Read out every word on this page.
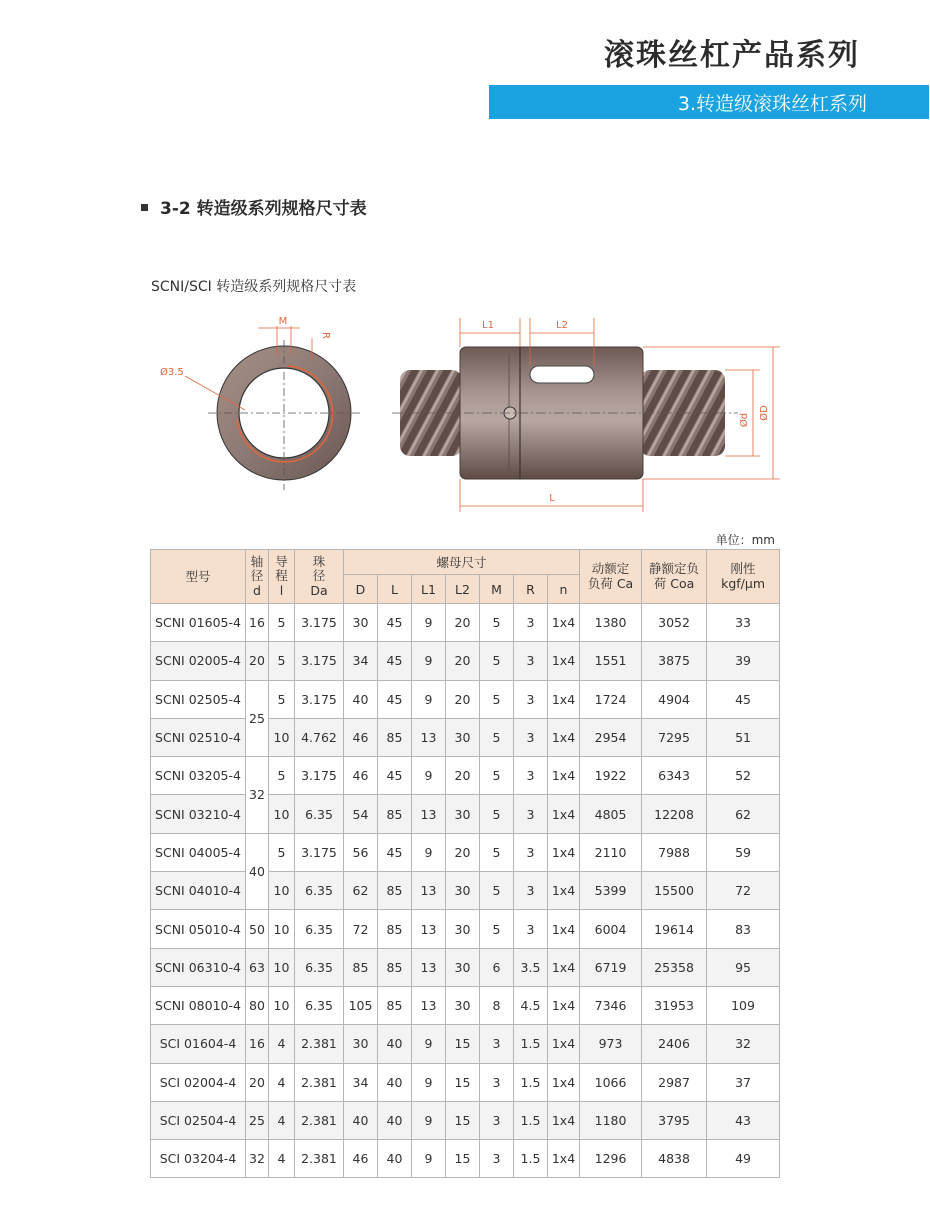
滚珠丝杠产品系列
3.转造级滚珠丝杠系列
3-2 转造级系列规格尺寸表
SCNI/SCI 转造级系列规格尺寸表
M
R
Ø3.5
L1	L2
L
Ød ØD
单位：mm
型号	轴
径
d	导
程
l	珠
径
Da	螺母尺寸							动额定
负荷 Ca	静额定负
荷 Coa	刚性
kgf/μm

				D	L	L1	L2	M	R	n			
SCNI 01605-4	16	5	3.175	30	45	9	20	5	3	1x4	1380	3052	33
SCNI 02005-4	20	5	3.175	34	45	9	20	5	3	1x4	1551	3875	39
SCNI 02505-4	25	5	3.175	40	45	9	20	5	3	1x4	1724	4904	45
SCNI 02510-4		10	4.762	46	85	13	30	5	3	1x4	2954	7295	51
SCNI 03205-4	32	5	3.175	46	45	9	20	5	3	1x4	1922	6343	52
SCNI 03210-4		10	6.35	54	85	13	30	5	3	1x4	4805	12208	62
SCNI 04005-4	40	5	3.175	56	45	9	20	5	3	1x4	2110	7988	59
SCNI 04010-4		10	6.35	62	85	13	30	5	3	1x4	5399	15500	72
SCNI 05010-4	50	10	6.35	72	85	13	30	5	3	1x4	6004	19614	83
SCNI 06310-4	63	10	6.35	85	85	13	30	6	3.5	1x4	6719	25358	95
SCNI 08010-4	80	10	6.35	105	85	13	30	8	4.5	1x4	7346	31953	109
SCI 01604-4	16	4	2.381	30	40	9	15	3	1.5	1x4	973	2406	32
SCI 02004-4	20	4	2.381	34	40	9	15	3	1.5	1x4	1066	2987	37
SCI 02504-4	25	4	2.381	40	40	9	15	3	1.5	1x4	1180	3795	43
SCI 03204-4	32	4	2.381	46	40	9	15	3	1.5	1x4	1296	4838	49
